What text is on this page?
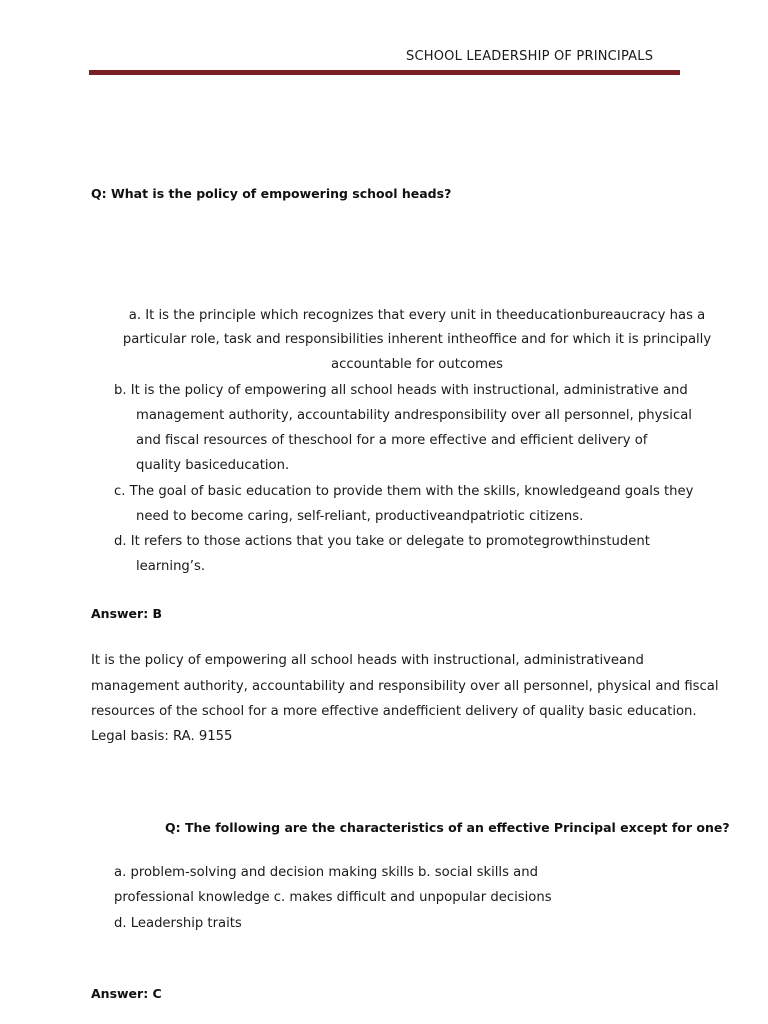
SCHOOL LEADERSHIP OF PRINCIPALS
Q: What is the policy of empowering school heads?
a. It is the principle which recognizes that every unit in theeducationbureaucracy has a
particular role, task and responsibilities inherent intheoffice and for which it is principally
accountable for outcomes
b. It is the policy of empowering all school heads with instructional, administrative and
management authority, accountability andresponsibility over all personnel, physical
and fiscal resources of theschool for a more effective and efficient delivery of
quality basiceducation.
c. The goal of basic education to provide them with the skills, knowledgeand goals they
need to become caring, self-reliant, productiveandpatriotic citizens.
d. It refers to those actions that you take or delegate to promotegrowthinstudent
learning’s.
Answer: B
It is the policy of empowering all school heads with instructional, administrativeand
management authority, accountability and responsibility over all personnel, physical and fiscal
resources of the school for a more effective andefficient delivery of quality basic education.
Legal basis: RA. 9155
Q: The following are the characteristics of an effective Principal except for one?
a. problem-solving and decision making skills b. social skills and
professional knowledge c. makes difficult and unpopular decisions
d. Leadership traits
Answer: C
